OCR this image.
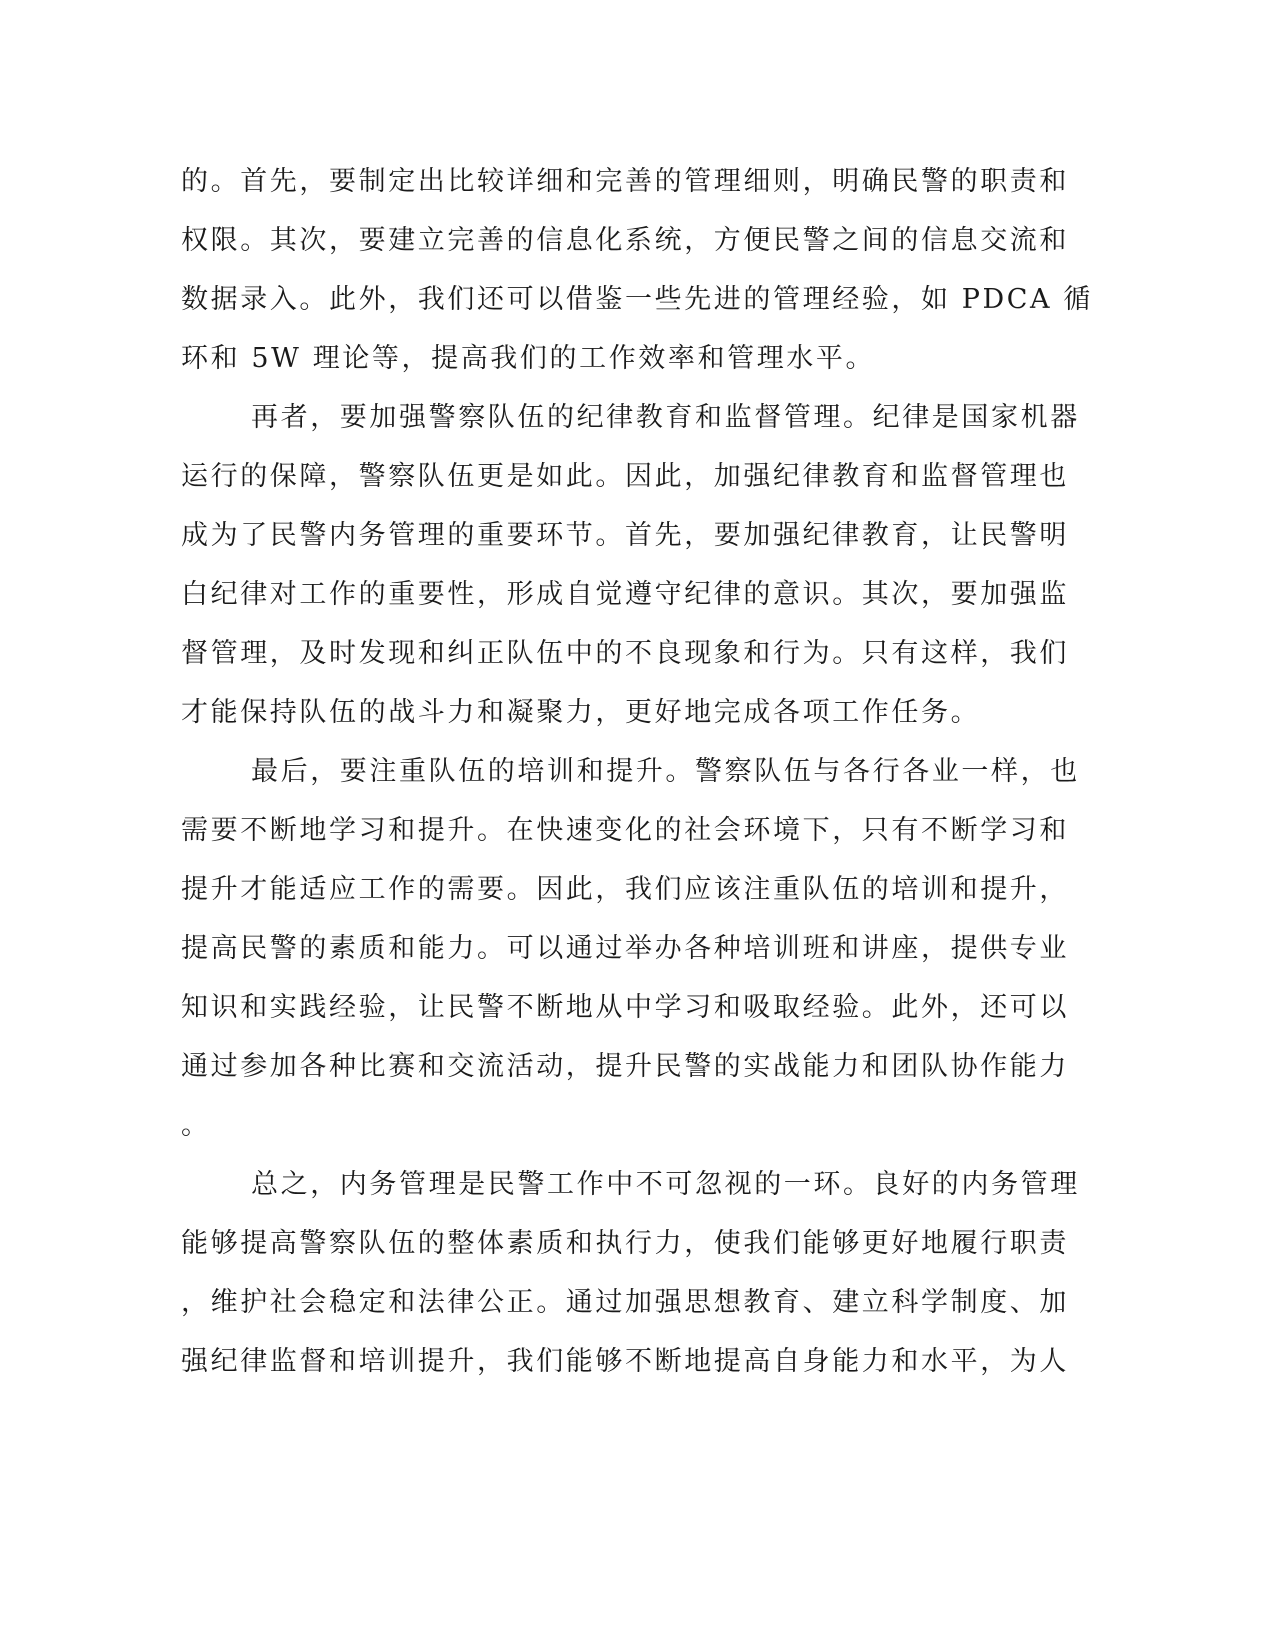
的。首先，要制定出比较详细和完善的管理细则，明确民警的职责和
权限。其次，要建立完善的信息化系统，方便民警之间的信息交流和
数据录入。此外，我们还可以借鉴一些先进的管理经验，如 PDCA 循
环和 5W 理论等，提高我们的工作效率和管理水平。
再者，要加强警察队伍的纪律教育和监督管理。纪律是国家机器
运行的保障，警察队伍更是如此。因此，加强纪律教育和监督管理也
成为了民警内务管理的重要环节。首先，要加强纪律教育，让民警明
白纪律对工作的重要性，形成自觉遵守纪律的意识。其次，要加强监
督管理，及时发现和纠正队伍中的不良现象和行为。只有这样，我们
才能保持队伍的战斗力和凝聚力，更好地完成各项工作任务。
最后，要注重队伍的培训和提升。警察队伍与各行各业一样，也
需要不断地学习和提升。在快速变化的社会环境下，只有不断学习和
提升才能适应工作的需要。因此，我们应该注重队伍的培训和提升，
提高民警的素质和能力。可以通过举办各种培训班和讲座，提供专业
知识和实践经验，让民警不断地从中学习和吸取经验。此外，还可以
通过参加各种比赛和交流活动，提升民警的实战能力和团队协作能力
。
总之，内务管理是民警工作中不可忽视的一环。良好的内务管理
能够提高警察队伍的整体素质和执行力，使我们能够更好地履行职责
，维护社会稳定和法律公正。通过加强思想教育、建立科学制度、加
强纪律监督和培训提升，我们能够不断地提高自身能力和水平，为人
